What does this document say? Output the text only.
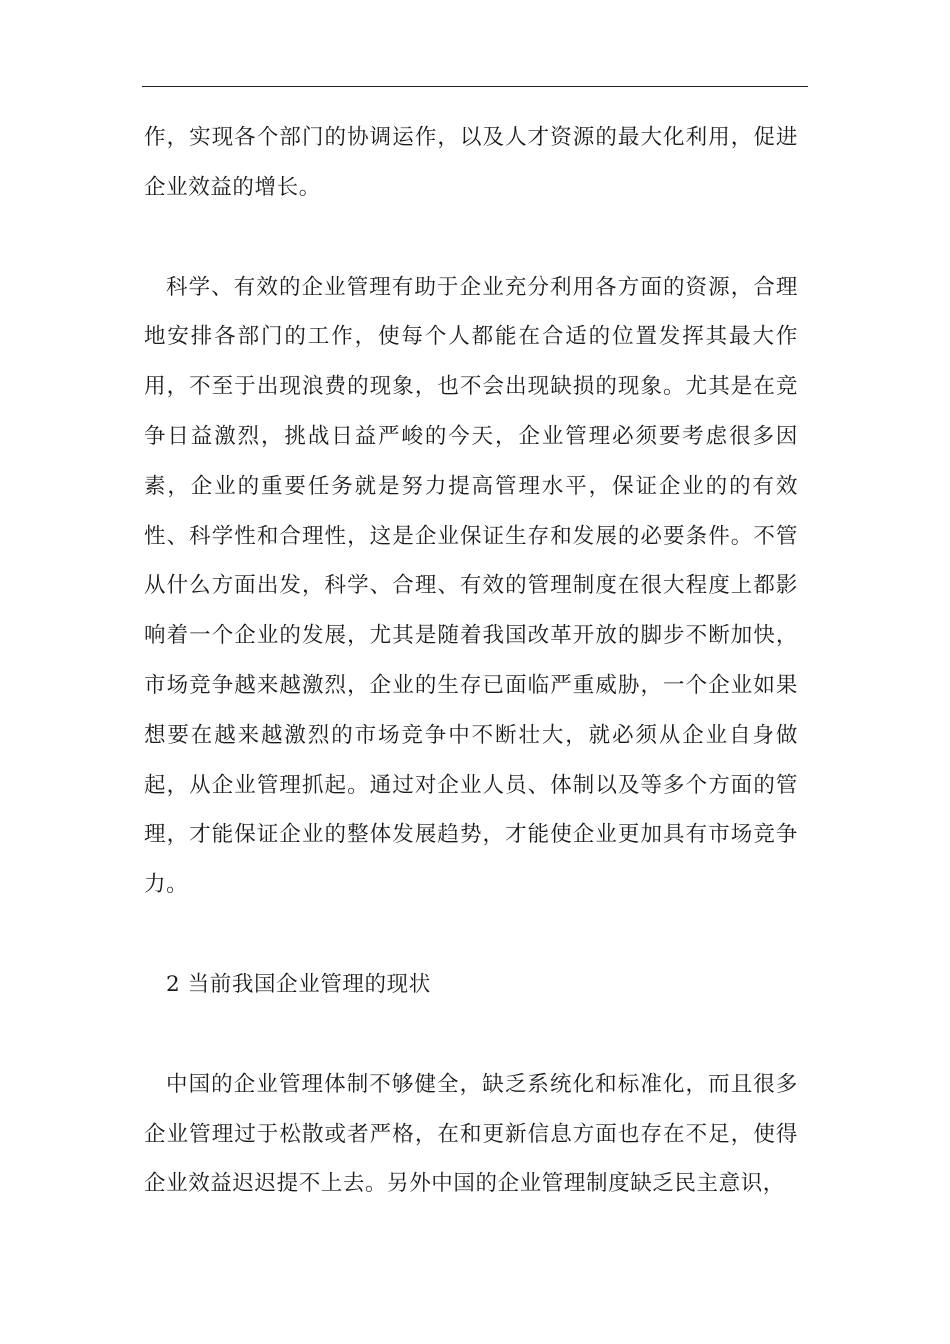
作，实现各个部门的协调运作，以及人才资源的最大化利用，促进企业效益的增长。

科学、有效的企业管理有助于企业充分利用各方面的资源，合理地安排各部门的工作，使每个人都能在合适的位置发挥其最大作用，不至于出现浪费的现象，也不会出现缺损的现象。尤其是在竞争日益激烈，挑战日益严峻的今天，企业管理必须要考虑很多因素，企业的重要任务就是努力提高管理水平，保证企业的的有效性、科学性和合理性，这是企业保证生存和发展的必要条件。不管从什么方面出发，科学、合理、有效的管理制度在很大程度上都影响着一个企业的发展，尤其是随着我国改革开放的脚步不断加快，市场竞争越来越激烈，企业的生存已面临严重威胁，一个企业如果想要在越来越激烈的市场竞争中不断壮大，就必须从企业自身做起，从企业管理抓起。通过对企业人员、体制以及等多个方面的管理，才能保证企业的整体发展趋势，才能使企业更加具有市场竞争力。

2 当前我国企业管理的现状

中国的企业管理体制不够健全，缺乏系统化和标准化，而且很多企业管理过于松散或者严格，在和更新信息方面也存在不足，使得企业效益迟迟提不上去。另外中国的企业管理制度缺乏民主意识，
